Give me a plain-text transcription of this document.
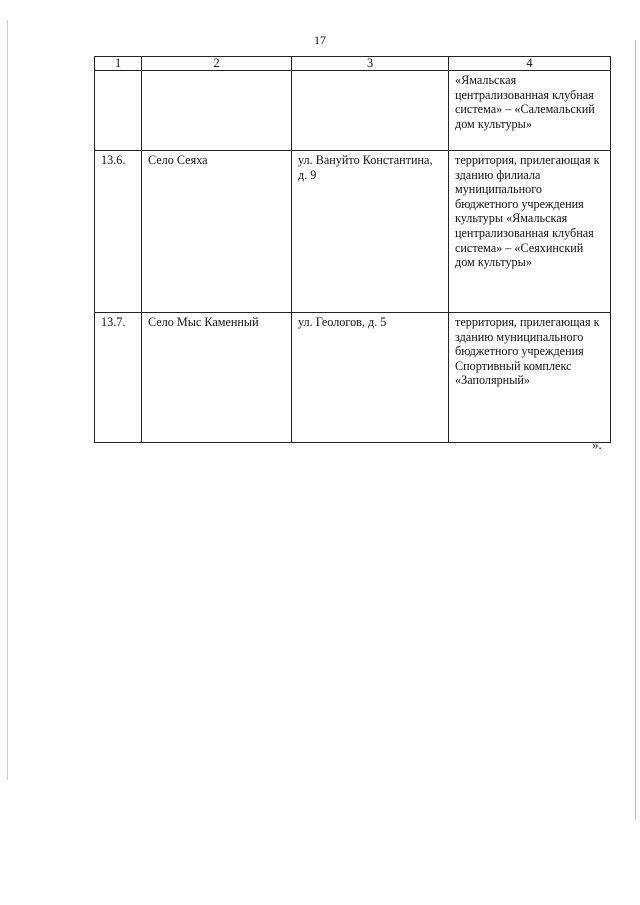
17
1	2	3	4
			«Ямальская централизованная клубная система» – «Салемальский дом культуры»
13.6.	Село Сеяха	ул. Вануйто Константина, д. 9	территория, прилегающая к зданию филиала муниципального бюджетного учреждения культуры «Ямальская централизованная клубная система» – «Сеяхинский дом культуры»
13.7.	Село Мыс Каменный	ул. Геологов, д. 5	территория, прилегающая к зданию муниципального бюджетного учреждения Спортивный комплекс «Заполярный»
».
